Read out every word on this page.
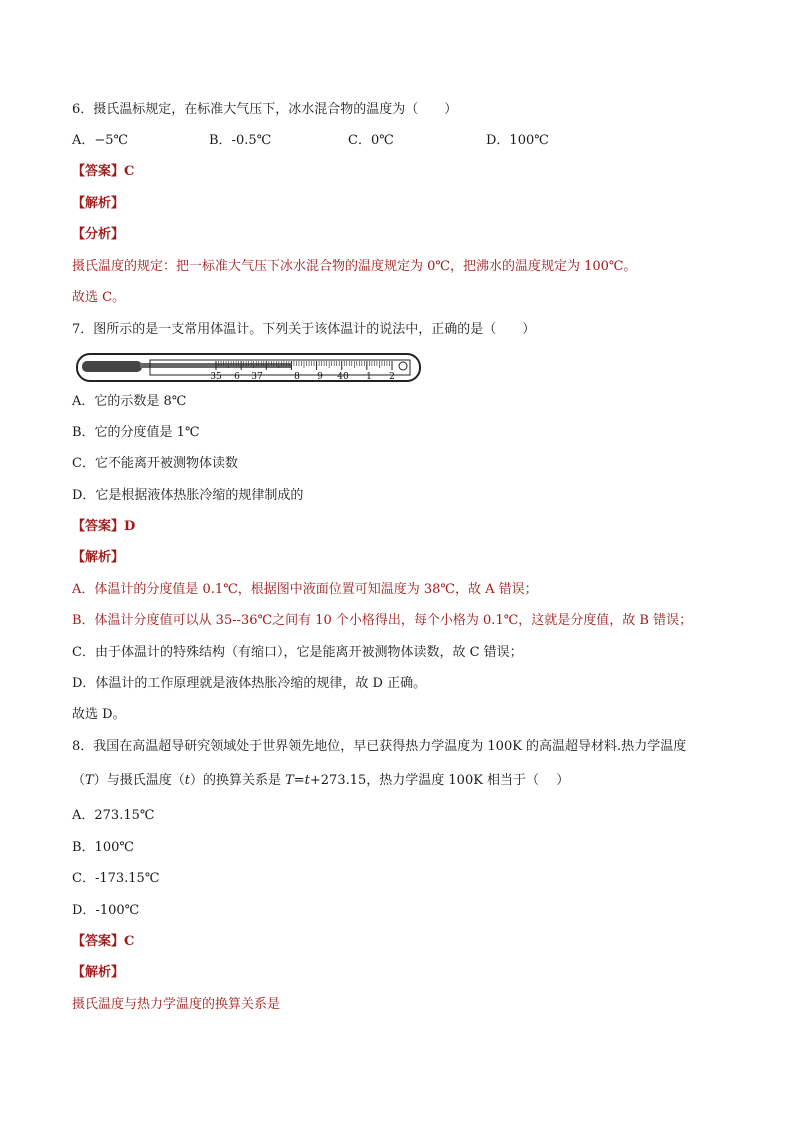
6．摄氏温标规定，在标准大气压下，冰水混合物的温度为（　　）
A．−5℃	B．-0.5℃	C．0℃	D．100℃
【答案】C
【解析】
【分析】
摄氏温度的规定：把一标准大气压下冰水混合物的温度规定为 0℃，把沸水的温度规定为 100℃。
故选 C。
7．图所示的是一支常用体温计。下列关于该体温计的说法中，正确的是（　　）
35 6 37	8 9 40 1 2
A．它的示数是 8℃
B．它的分度值是 1℃
C．它不能离开被测物体读数
D．它是根据液体热胀冷缩的规律制成的
【答案】D
【解析】
A．体温计的分度值是 0.1℃，根据图中液面位置可知温度为 38℃，故 A 错误；
B．体温计分度值可以从 35--36℃之间有 10 个小格得出，每个小格为 0.1℃，这就是分度值，故 B 错误；
C．由于体温计的特殊结构（有缩口），它是能离开被测物体读数，故 C 错误；
D．体温计的工作原理就是液体热胀冷缩的规律，故 D 正确。
故选 D。
8．我国在高温超导研究领域处于世界领先地位，早已获得热力学温度为 100K 的高温超导材料.热力学温度
（T）与摄氏温度（t）的换算关系是 T=t+273.15，热力学温度 100K 相当于（　 ）
A．273.15℃
B．100℃
C．-173.15℃
D．-100℃
【答案】C
【解析】
摄氏温度与热力学温度的换算关系是
